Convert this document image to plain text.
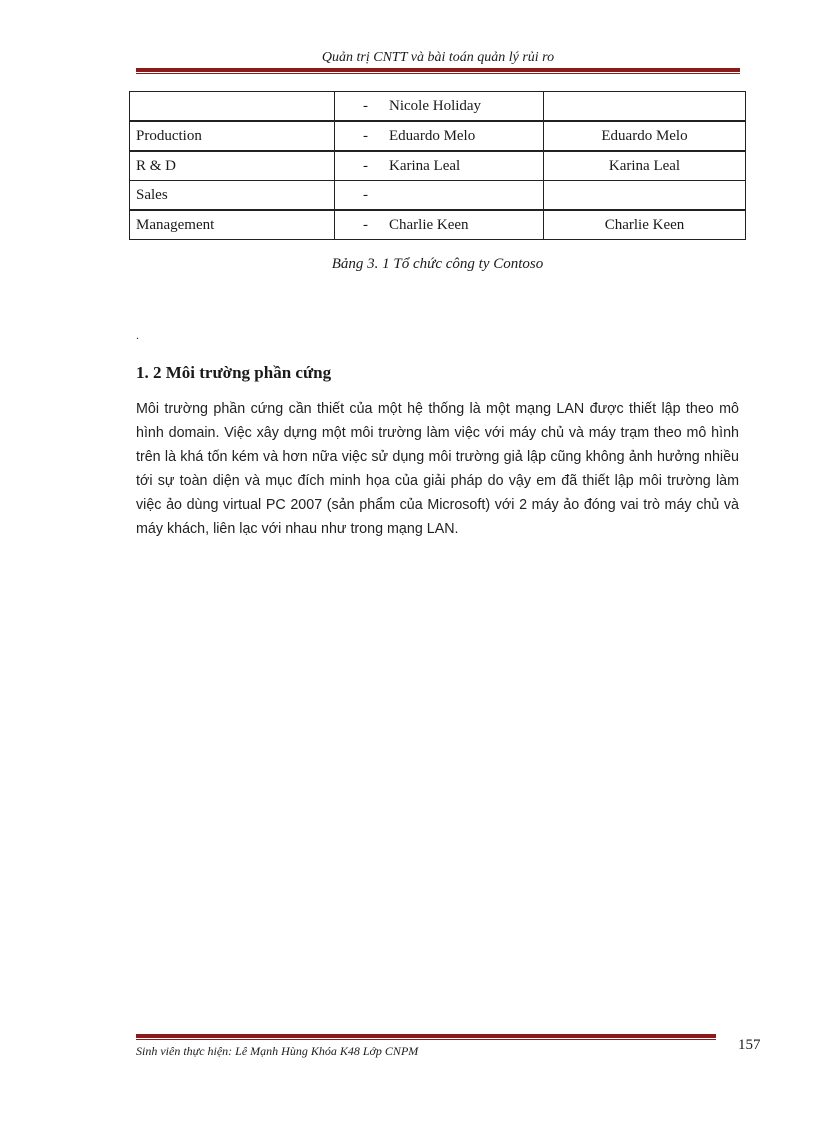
Quản trị CNTT và bài toán quản lý rủi ro
	- Nicole Holiday	
Production	- Eduardo Melo	Eduardo Melo
R & D	- Karina Leal	Karina Leal
Sales	-	
Management	- Charlie Keen	Charlie Keen
Bảng 3. 1 Tổ chức công ty Contoso
.
1. 2 Môi trường phần cứng
Môi trường phần cứng cần thiết của một hệ thống là một mạng LAN được thiết lập theo mô hình domain. Việc xây dựng một môi trường làm việc với máy chủ và máy trạm theo mô hình trên là khá tốn kém và hơn nữa việc sử dụng môi trường giả lập cũng không ảnh hưởng nhiều tới sự toàn diện và mục đích minh họa của giải pháp do vậy em đã thiết lập môi trường làm việc ảo dùng virtual PC 2007 (sản phẩm của Microsoft) với 2 máy ảo đóng vai trò máy chủ và máy khách, liên lạc với nhau như trong mạng LAN.
Sinh viên thực hiện: Lê Mạnh Hùng Khóa K48 Lớp CNPM	157
